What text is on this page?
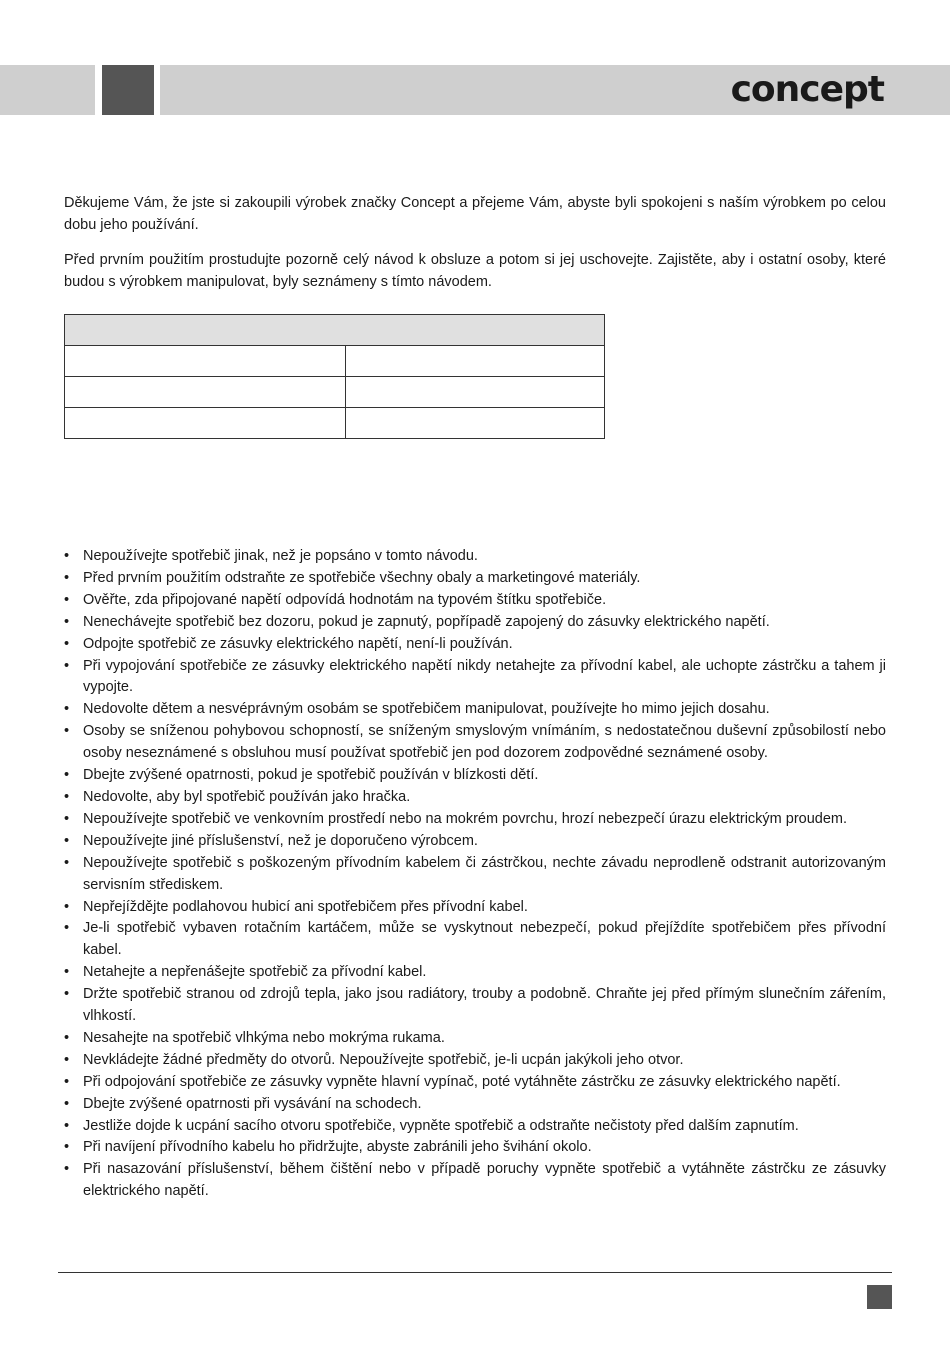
concept

Děkujeme Vám, že jste si zakoupili výrobek značky Concept a přejeme Vám, abyste byli spokojeni s naším výrobkem po celou dobu jeho používání.

Před prvním použitím prostudujte pozorně celý návod k obsluze a potom si jej uschovejte. Zajistěte, aby i ostatní osoby, které budou s výrobkem manipulovat, byly seznámeny s tímto návodem.

• Nepoužívejte spotřebič jinak, než je popsáno v tomto návodu.
• Před prvním použitím odstraňte ze spotřebiče všechny obaly a marketingové materiály.
• Ověřte, zda připojované napětí odpovídá hodnotám na typovém štítku spotřebiče.
• Nenechávejte spotřebič bez dozoru, pokud je zapnutý, popřípadě zapojený do zásuvky elektrického napětí.
• Odpojte spotřebič ze zásuvky elektrického napětí, není-li používán.
• Při vypojování spotřebiče ze zásuvky elektrického napětí nikdy netahejte za přívodní kabel, ale uchopte zástrčku a tahem ji vypojte.
• Nedovolte dětem a nesvéprávným osobám se spotřebičem manipulovat, používejte ho mimo jejich dosahu.
• Osoby se sníženou pohybovou schopností, se sníženým smyslovým vnímáním, s nedostatečnou duševní způsobilostí nebo osoby neseznámené s obsluhou musí používat spotřebič jen pod dozorem zodpovědné seznámené osoby.
• Dbejte zvýšené opatrnosti, pokud je spotřebič používán v blízkosti dětí.
• Nedovolte, aby byl spotřebič používán jako hračka.
• Nepoužívejte spotřebič ve venkovním prostředí nebo na mokrém povrchu, hrozí nebezpečí úrazu elektrickým proudem.
• Nepoužívejte jiné příslušenství, než je doporučeno výrobcem.
• Nepoužívejte spotřebič s poškozeným přívodním kabelem či zástrčkou, nechte závadu neprodleně odstranit autorizovaným servisním střediskem.
• Nepřejíždějte podlahovou hubicí ani spotřebičem přes přívodní kabel.
• Je-li spotřebič vybaven rotačním kartáčem, může se vyskytnout nebezpečí, pokud přejíždíte spotřebičem přes přívodní kabel.
• Netahejte a nepřenášejte spotřebič za přívodní kabel.
• Držte spotřebič stranou od zdrojů tepla, jako jsou radiátory, trouby a podobně. Chraňte jej před přímým slunečním zářením, vlhkostí.
• Nesahejte na spotřebič vlhkýma nebo mokrýma rukama.
• Nevkládejte žádné předměty do otvorů. Nepoužívejte spotřebič, je-li ucpán jakýkoli jeho otvor.
• Při odpojování spotřebiče ze zásuvky vypněte hlavní vypínač, poté vytáhněte zástrčku ze zásuvky elektrického napětí.
• Dbejte zvýšené opatrnosti při vysávání na schodech.
• Jestliže dojde k ucpání sacího otvoru spotřebiče, vypněte spotřebič a odstraňte nečistoty před dalším zapnutím.
• Při navíjení přívodního kabelu ho přidržujte, abyste zabránili jeho švihání okolo.
• Při nasazování příslušenství, během čištění nebo v případě poruchy vypněte spotřebič a vytáhněte zástrčku ze zásuvky elektrického napětí.
